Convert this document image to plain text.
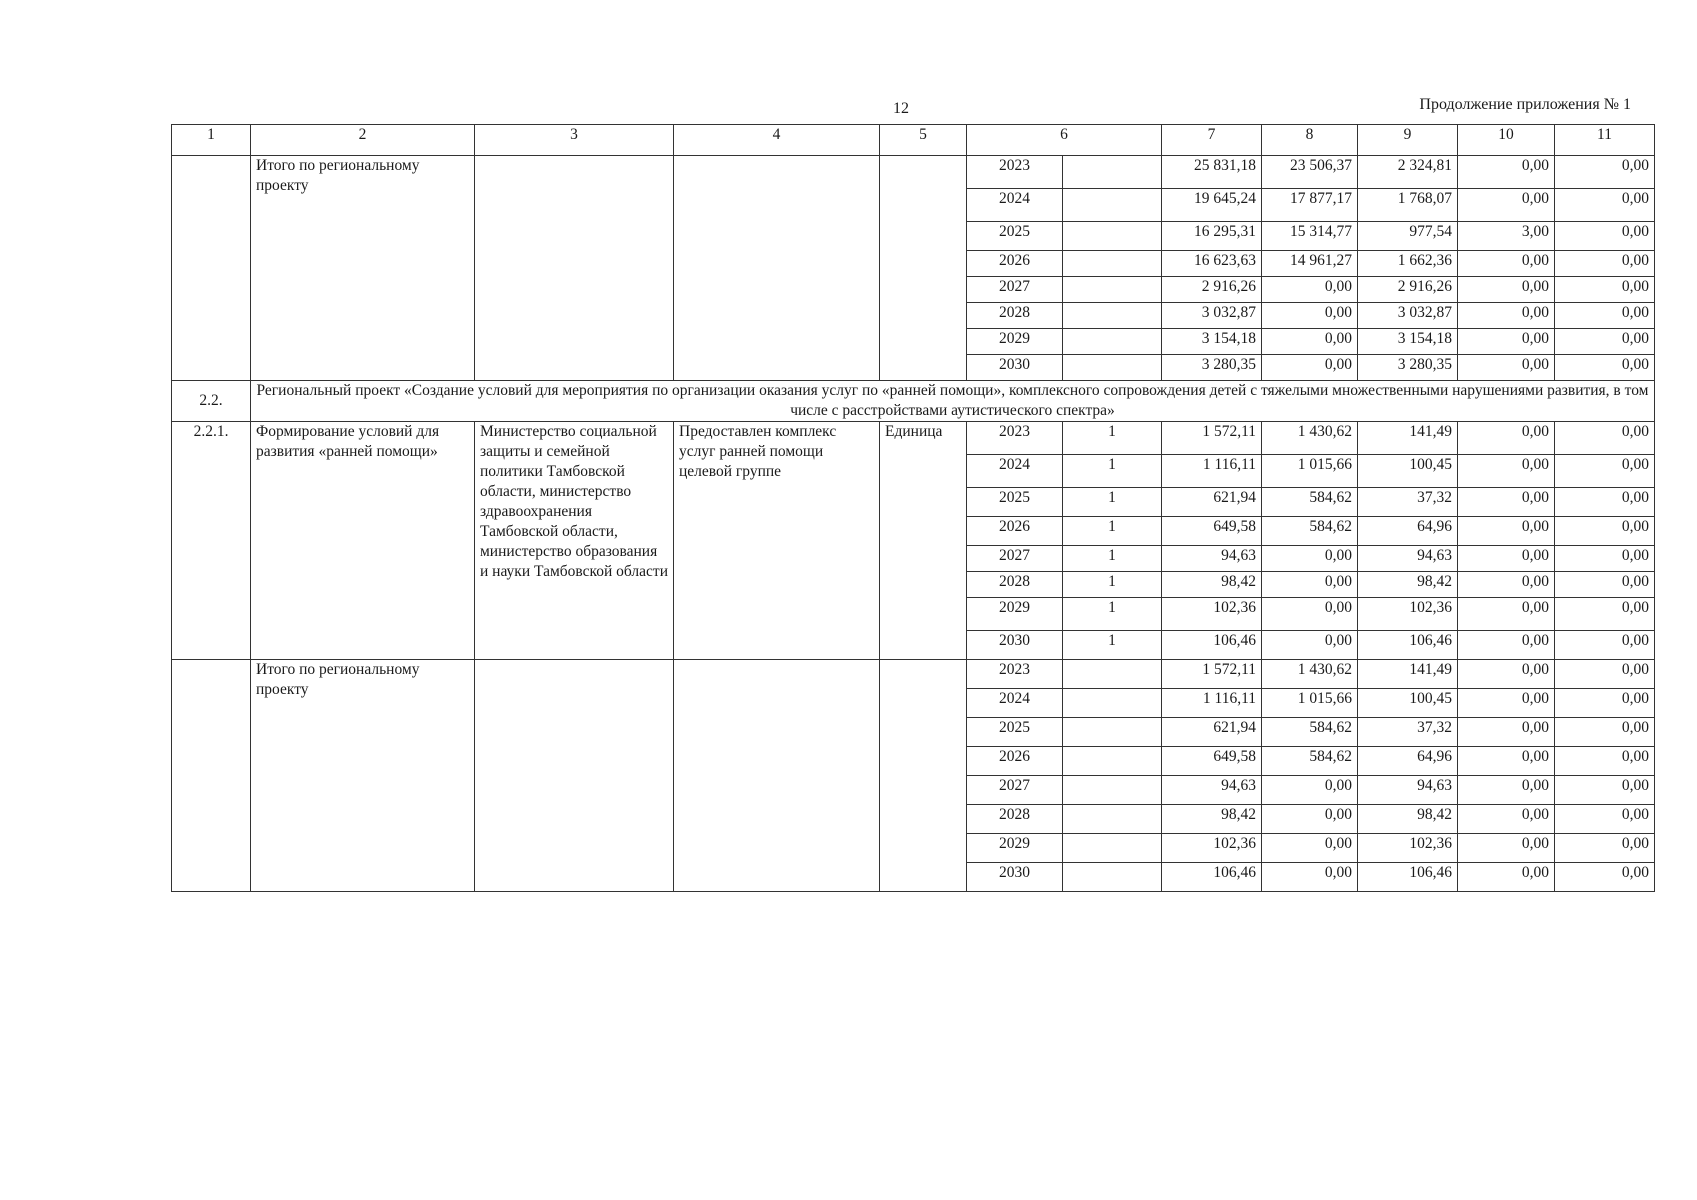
12	Продолжение приложения № 1
1	2	3	4	5	6		7	8	9	10	11
	Итого по региональному проекту				2023		25 831,18	23 506,37	2 324,81	0,00	0,00
					2024		19 645,24	17 877,17	1 768,07	0,00	0,00
					2025		16 295,31	15 314,77	977,54	3,00	0,00
					2026		16 623,63	14 961,27	1 662,36	0,00	0,00
					2027		2 916,26	0,00	2 916,26	0,00	0,00
					2028		3 032,87	0,00	3 032,87	0,00	0,00
					2029		3 154,18	0,00	3 154,18	0,00	0,00
					2030		3 280,35	0,00	3 280,35	0,00	0,00
2.2.	Региональный проект «Создание условий для мероприятия по организации оказания услуг по «ранней помощи», комплексного сопровождения детей с тяжелыми множественными нарушениями развития, в том числе с расстройствами аутистического спектра»										
2.2.1.	Формирование условий для развития «ранней помощи»	Министерство социальной защиты и семейной политики Тамбовской области, министерство здравоохранения Тамбовской области, министерство образования и науки Тамбовской области	Предоставлен комплекс услуг ранней помощи целевой группе	Единица	2023	1	1 572,11	1 430,62	141,49	0,00	0,00
					2024	1	1 116,11	1 015,66	100,45	0,00	0,00
					2025	1	621,94	584,62	37,32	0,00	0,00
					2026	1	649,58	584,62	64,96	0,00	0,00
					2027	1	94,63	0,00	94,63	0,00	0,00
					2028	1	98,42	0,00	98,42	0,00	0,00
					2029	1	102,36	0,00	102,36	0,00	0,00
					2030	1	106,46	0,00	106,46	0,00	0,00
	Итого по региональному проекту				2023		1 572,11	1 430,62	141,49	0,00	0,00
					2024		1 116,11	1 015,66	100,45	0,00	0,00
					2025		621,94	584,62	37,32	0,00	0,00
					2026		649,58	584,62	64,96	0,00	0,00
					2027		94,63	0,00	94,63	0,00	0,00
					2028		98,42	0,00	98,42	0,00	0,00
					2029		102,36	0,00	102,36	0,00	0,00
					2030		106,46	0,00	106,46	0,00	0,00
